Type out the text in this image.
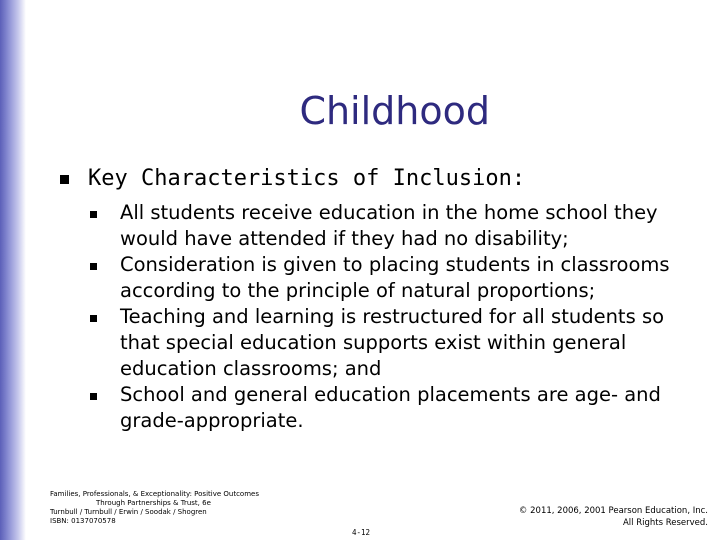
Childhood
Key Characteristics of Inclusion:
All students receive education in the home school they would have attended if they had no disability;
Consideration is given to placing students in classrooms according to the principle of natural proportions;
Teaching and learning is restructured for all students so that special education supports exist within general education classrooms; and
School and general education placements are age- and grade-appropriate.
Families, Professionals, & Exceptionality: Positive Outcomes
Through Partnerships & Trust, 6e
Turnbull / Turnbull / Erwin / Soodak / Shogren
ISBN: 0137070578
4-12
© 2011, 2006, 2001 Pearson Education, Inc.
All Rights Reserved.
